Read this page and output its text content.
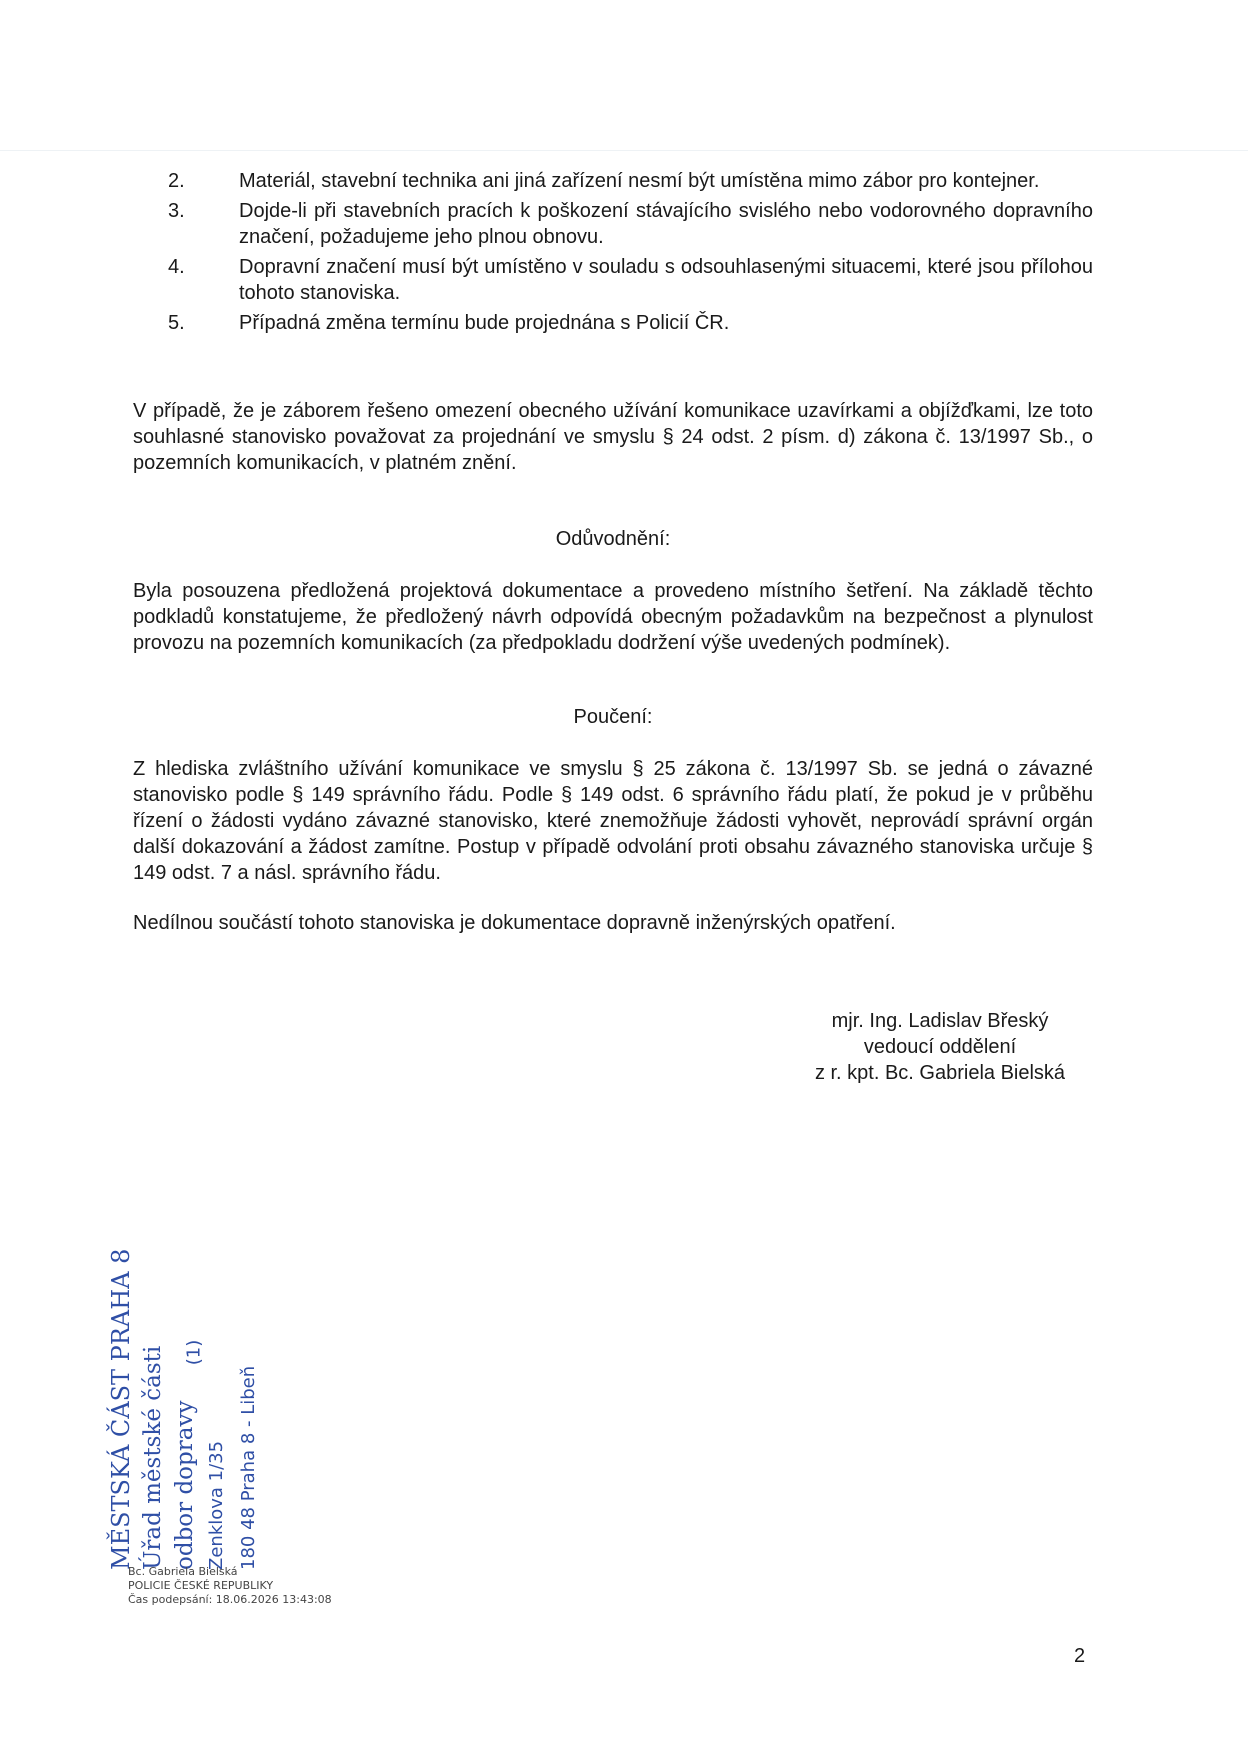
2.	Materiál, stavební technika ani jiná zařízení nesmí být umístěna mimo zábor pro kontejner.
3.	Dojde-li při stavebních pracích k poškození stávajícího svislého nebo vodorovného dopravního značení, požadujeme jeho plnou obnovu.
4.	Dopravní značení musí být umístěno v souladu s odsouhlasenými situacemi, které jsou přílohou tohoto stanoviska.
5.	Případná změna termínu bude projednána s Policií ČR.

V případě, že je záborem řešeno omezení obecného užívání komunikace uzavírkami a objížďkami, lze toto souhlasné stanovisko považovat za projednání ve smyslu § 24 odst. 2 písm. d) zákona č. 13/1997 Sb., o pozemních komunikacích, v platném znění.

Odůvodnění:

Byla posouzena předložená projektová dokumentace a provedeno místního šetření. Na základě těchto podkladů konstatujeme, že předložený návrh odpovídá obecným požadavkům na bezpečnost a plynulost provozu na pozemních komunikacích (za předpokladu dodržení výše uvedených podmínek).

Poučení:

Z hlediska zvláštního užívání komunikace ve smyslu § 25 zákona č. 13/1997 Sb. se jedná o závazné stanovisko podle § 149 správního řádu. Podle § 149 odst. 6 správního řádu platí, že pokud je v průběhu řízení o žádosti vydáno závazné stanovisko, které znemožňuje žádosti vyhovět, neprovádí správní orgán další dokazování a žádost zamítne. Postup v případě odvolání proti obsahu závazného stanoviska určuje § 149 odst. 7 a násl. správního řádu.

Nedílnou součástí tohoto stanoviska je dokumentace dopravně inženýrských opatření.

mjr. Ing. Ladislav Břeský
vedoucí oddělení
z r. kpt. Bc. Gabriela Bielská
MĚSTSKÁ ČÁST PRAHA 8 Úřad městské části odbor dopravy Zenklova 1/35 180 48 Praha 8 - Libeň
(1)
Bc. Gabriela Bielská
POLICIE ČESKÉ REPUBLIKY
Čas podepsání: 18.06.2026 13:43:08
2
